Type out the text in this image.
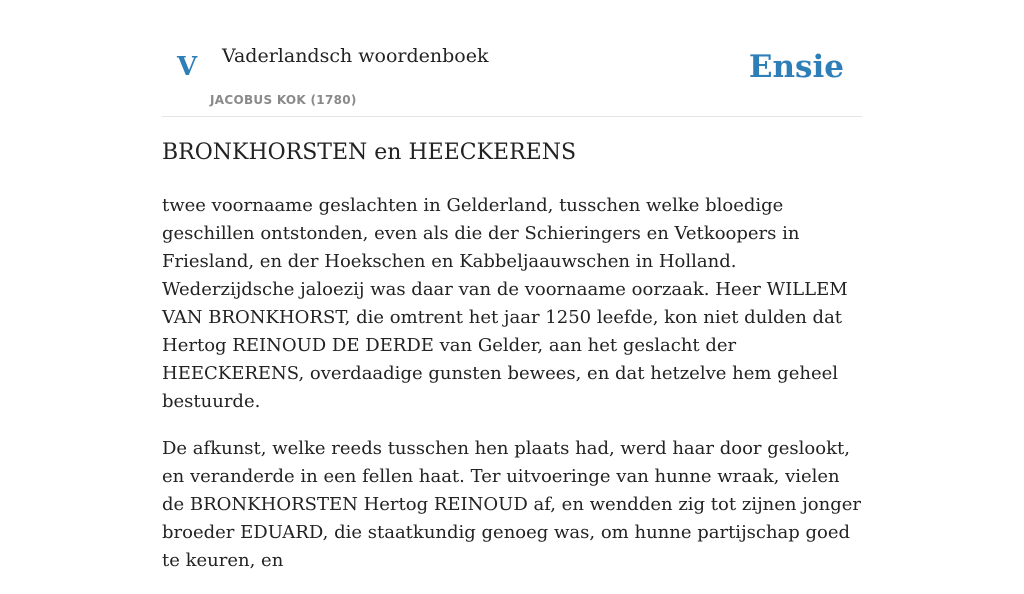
V Vaderlandsch woordenboek
JACOBUS KOK (1780)
Ensie
BRONKHORSTEN en HEECKERENS

twee voornaame geslachten in Gelderland, tusschen welke bloedige geschillen ontstonden, even als die der Schieringers en Vetkoopers in Friesland, en der Hoekschen en Kabbeljaauwschen in Holland. Wederzijdsche jaloezij was daar van de voornaame oorzaak. Heer WILLEM VAN BRONKHORST, die omtrent het jaar 1250 leefde, kon niet dulden dat Hertog REINOUD DE DERDE van Gelder, aan het geslacht der HEECKERENS, overdaadige gunsten bewees, en dat hetzelve hem geheel bestuurde.

De afkunst, welke reeds tusschen hen plaats had, werd haar door geslookt, en veranderde in een fellen haat. Ter uitvoeringe van hunne wraak, vielen de BRONKHORSTEN Hertog REINOUD af, en wendden zig tot zijnen jonger broeder EDUARD, die staatkundig genoeg was, om hunne partijschap goed te keuren, en
